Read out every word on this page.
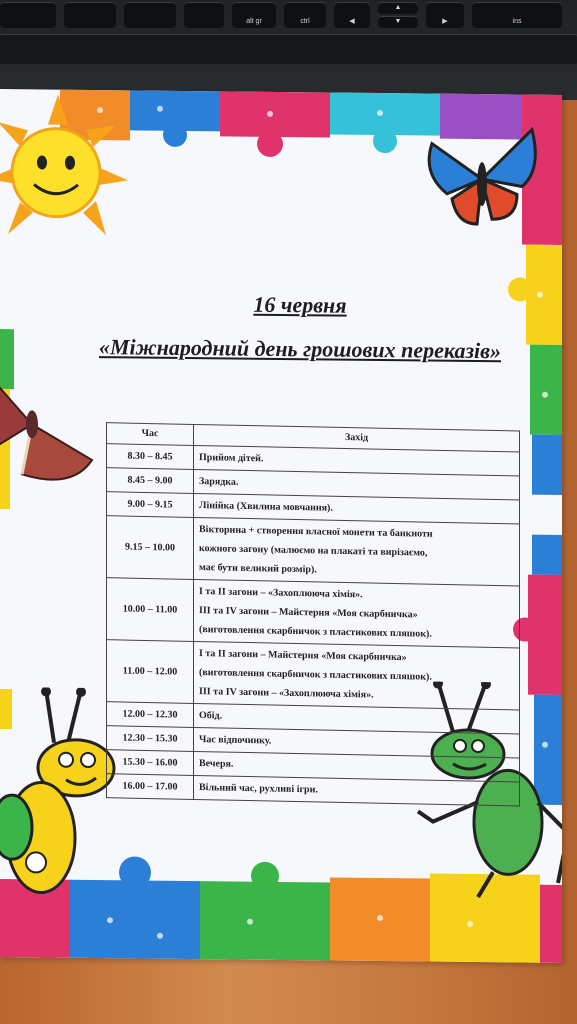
alt gr	ctrl	◀
▲
▼	▶	ins
16 червня
«Міжнародний день грошових переказів»
Час	Захід
8.30 – 8.45	Прийом дітей.
8.45 – 9.00	Зарядка.
9.00 – 9.15	Лінійка (Хвилина мовчання).
9.15 – 10.00	Вікторина + створення власної монети та банкноти
кожного загону (малюємо на плакаті та вирізаємо,
має бути великий розмір).

10.00 – 11.00	І та ІІ загони – «Захоплююча хімія».
ІІІ та IV загони – Майстерня «Моя скарбничка»
(виготовлення скарбничок з пластикових пляшок).

11.00 – 12.00	І та ІІ загони – Майстерня «Моя скарбничка»
(виготовлення скарбничок з пластикових пляшок).
ІІІ та IV загони – «Захоплююча хімія».

12.00 – 12.30	Обід.
12.30 – 15.30	Час відпочинку.
15.30 – 16.00	Вечеря.
16.00 – 17.00	Вільний час, рухливі ігри.
